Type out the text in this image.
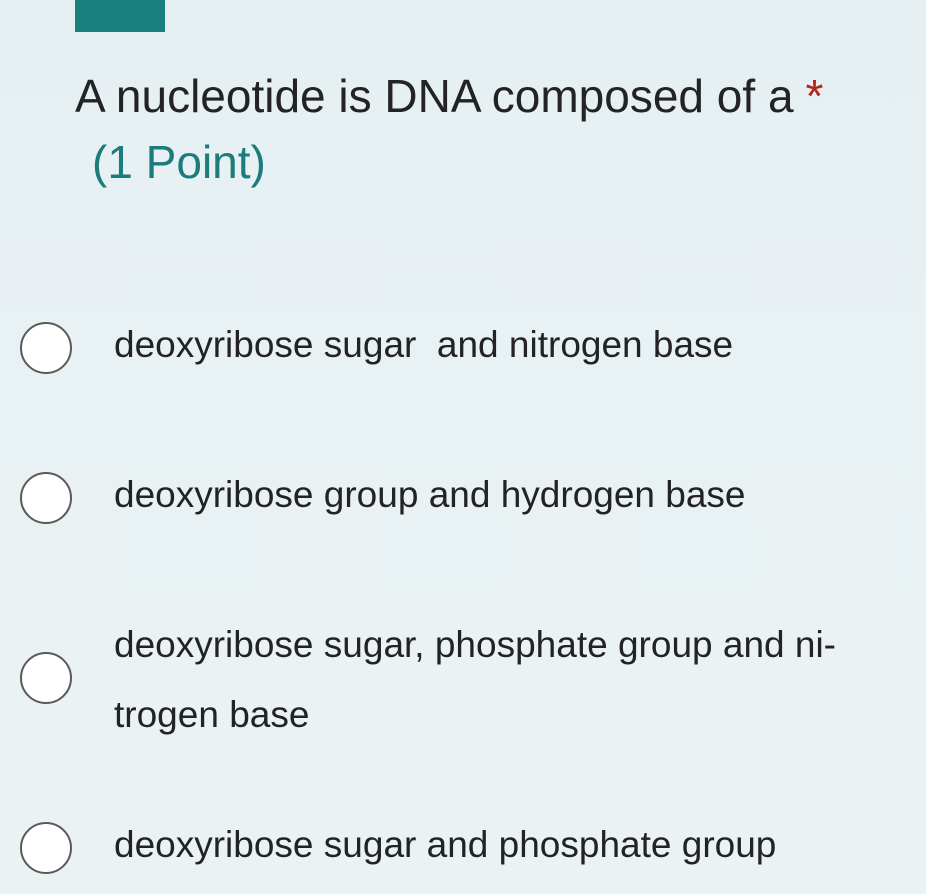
A nucleotide is DNA composed of a *
(1 Point)
deoxyribose sugar  and nitrogen base
deoxyribose group and hydrogen base
deoxyribose sugar, phosphate group and ni-
trogen base
deoxyribose sugar and phosphate group
